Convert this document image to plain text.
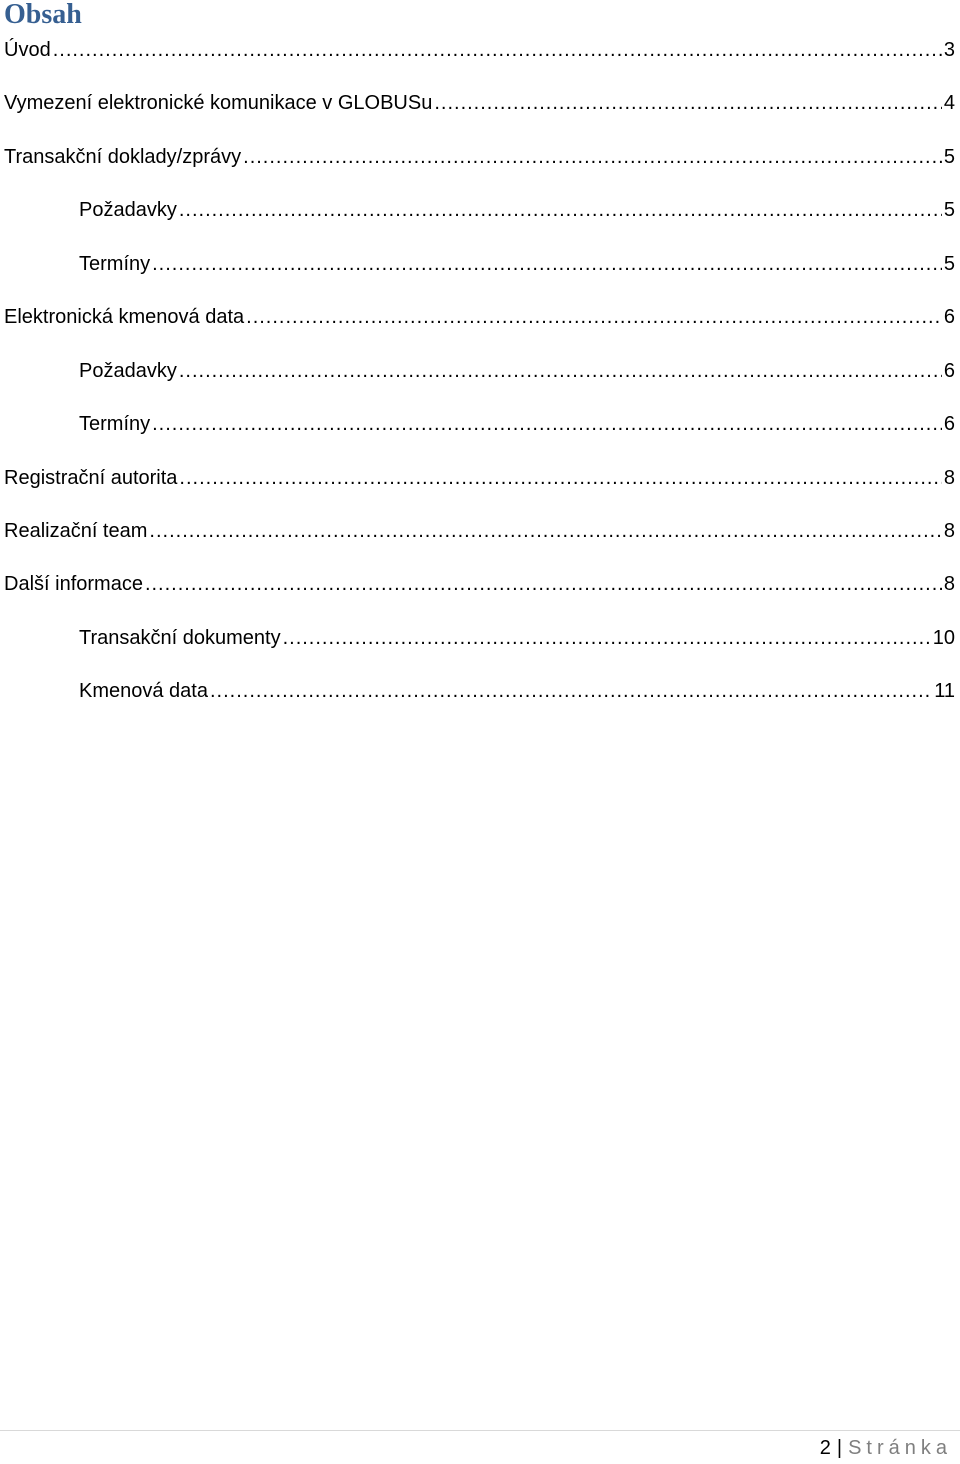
Obsah
Úvod .....	3
Vymezení elektronické komunikace v GLOBUSu .....	4
Transakční doklady/zprávy .....	5
Požadavky .....	5
Termíny .....	5
Elektronická kmenová data .....	6
Požadavky .....	6
Termíny .....	6
Registrační autorita .....	8
Realizační team .....	8
Další informace .....	8
Transakční dokumenty .....	10
Kmenová data .....	11
2 | Stránka
